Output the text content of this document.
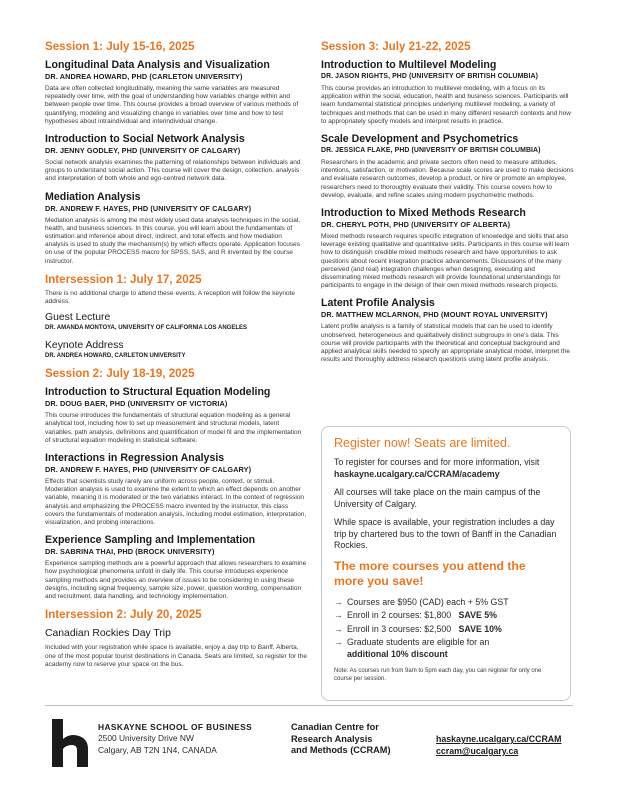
Session 1: July 15-16, 2025
Longitudinal Data Analysis and Visualization
DR. ANDREA HOWARD, PHD (CARLETON UNIVERSITY)
Data are often collected longitudinally, meaning the same variables are measured repeatedly over time, with the goal of understanding how variables change within and between people over time. This course provides a broad overview of various methods of quantifying, modeling and visualizing change in variables over time and how to test hypotheses about intraindividual and interindividual change.
Introduction to Social Network Analysis
DR. JENNY GODLEY, PHD (UNIVERSITY OF CALGARY)
Social network analysis examines the patterning of relationships between individuals and groups to understand social action. This course will cover the design, collection, analysis and interpretation of both whole and ego-centred network data.
Mediation Analysis
DR. ANDREW F. HAYES, PHD (UNIVERSITY OF CALGARY)
Mediation analysis is among the most widely used data analysis techniques in the social, health, and business sciences. In this course, you will learn about the fundamentals of estimation and inference about direct, indirect, and total effects and how mediation analysis is used to study the mechanism(s) by which effects operate. Application focuses on use of the popular PROCESS macro for SPSS, SAS, and R invented by the course instructor.
Intersession 1: July 17, 2025
There is no additional charge to attend these events. A reception will follow the keynote address.
Guest Lecture
DR. AMANDA MONTOYA, UNIVERSITY OF CALIFORNIA LOS ANGELES
Keynote Address
DR. ANDREA HOWARD, CARLETON UNIVERSITY
Session 2: July 18-19, 2025
Introduction to Structural Equation Modeling
DR. DOUG BAER, PHD (UNIVERSITY OF VICTORIA)
This course introduces the fundamentals of structural equation modeling as a general analytical tool, including how to set up measurement and structural models, latent variables, path analysis, definitions and quantification of model fit and the implementation of structural equation modeling in statistical software.
Interactions in Regression Analysis
DR. ANDREW F. HAYES, PHD (UNIVERSITY OF CALGARY)
Effects that scientists study rarely are uniform across people, context, or stimuli. Moderation analysis is used to examine the extent to which an effect depends on another variable, meaning it is moderated or the two variables interact. In the context of regression analysis and emphasizing the PROCESS macro invented by the instructor, this class covers the fundamentals of moderation analysis, including model estimation, interpretation, visualization, and probing interactions.
Experience Sampling and Implementation
DR. SABRINA THAI, PHD (BROCK UNIVERSITY)
Experience sampling methods are a powerful approach that allows researchers to examine how psychological phenomena unfold in daily life. This course introduces experience sampling methods and provides an overview of issues to be considering in using these designs, including signal frequency, sample size, power, question wording, compensation and recruitment, data handling, and technology implementation.
Intersession 2: July 20, 2025
Canadian Rockies Day Trip
Included with your registration while space is available, enjoy a day trip to Banff, Alberta, one of the most popular tourist destinations in Canada. Seats are limited, so register for the academy now to reserve your space on the bus.
Session 3: July 21-22, 2025
Introduction to Multilevel Modeling
DR. JASON RIGHTS, PHD (UNIVERSITY OF BRITISH COLUMBIA)
This course provides an introduction to multilevel modeling, with a focus on its application within the social, education, health and business sciences. Participants will learn fundamental statistical principles underlying multilevel modeling, a variety of techniques and methods that can be used in many different research contexts and how to appropriately specify models and interpret results in practice.
Scale Development and Psychometrics
DR. JESSICA FLAKE, PHD (UNIVERSITY OF BRITISH COLUMBIA)
Researchers in the academic and private sectors often need to measure attitudes, intentions, satisfaction, or motivation. Because scale scores are used to make decisions and evaluate research outcomes, develop a product, or hire or promote an employee, researchers need to thoroughly evaluate their validity. This course covers how to develop, evaluate, and refine scales using modern psychometric methods.
Introduction to Mixed Methods Research
DR. CHERYL POTH, PHD (UNIVERSITY OF ALBERTA)
Mixed methods research requires specific integration of knowledge and skills that also leverage existing qualitative and quantitative skills. Participants in this course will learn how to distinguish credible mixed methods research and have opportunities to ask questions about recent integration practice advancements. Discussions of the many perceived (and real) integration challenges when designing, executing and disseminating mixed methods research will provide foundational understandings for participants to engage in the design of their own mixed methods research projects.
Latent Profile Analysis
DR. MATTHEW MCLARNON, PHD (MOUNT ROYAL UNIVERSITY)
Latent profile analysis is a family of statistical models that can be used to identify unobserved, heterogeneous and qualitatively distinct subgroups in one's data. This course will provide participants with the theoretical and conceptual background and applied analytical skills needed to specify an appropriate analytical model, interpret the results and thoroughly address research questions using latent profile analysis.
Register now! Seats are limited.
To register for courses and for more information, visit haskayne.ucalgary.ca/CCRAM/academy
All courses will take place on the main campus of the University of Calgary.
While space is available, your registration includes a day trip by chartered bus to the town of Banff in the Canadian Rockies.
The more courses you attend the more you save!
→ Courses are $950 (CAD) each + 5% GST
→ Enroll in 2 courses: $1,800 SAVE 5%
→ Enroll in 3 courses: $2,500 SAVE 10%
→ Graduate students are eligible for an
additional 10% discount
Note: As courses run from 9am to 5pm each day, you can register for only one course per session.
HASKAYNE SCHOOL OF BUSINESS
2500 University Drive NW
Calgary, AB T2N 1N4, CANADA
Canadian Centre for
Research Analysis
and Methods (CCRAM)
haskayne.ucalgary.ca/CCRAM
ccram@ucalgary.ca
